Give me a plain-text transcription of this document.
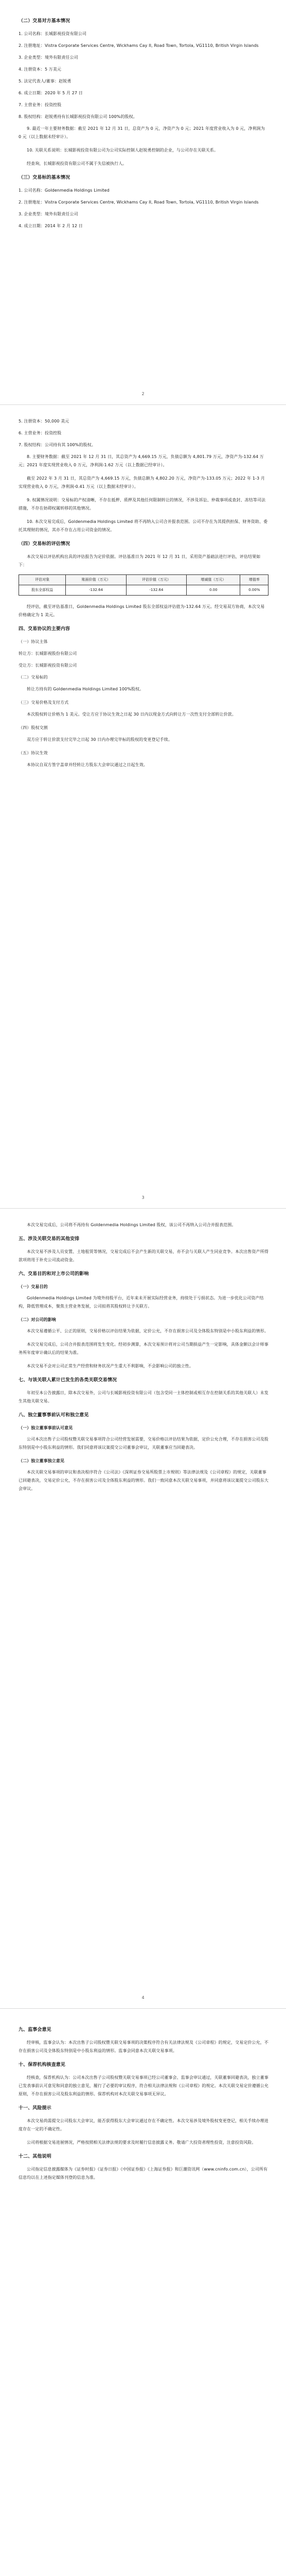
（二）交易对方基本情况

1. 公司名称：长城影视投资有限公司

2. 注册地址：Vistra Corporate Services Centre, Wickhams Cay II, Road Town, Tortola, VG1110, British Virgin Islands

3. 企业类型：境外有限责任公司

4. 注册资本：5 万美元

5. 法定代表人/董事：赵锐勇

6. 成立日期：2020 年 5 月 27 日

7. 主营业务：投资控股

8. 股权结构：赵锐勇持有长城影视投资有限公司 100%的股权。

9. 最近一年主要财务数据：截至 2021 年 12 月 31 日，总资产为 0 元，净资产为 0 元；2021 年度营业收入为 0 元，净利润为 0 元（以上数据未经审计）。

10. 关联关系说明：长城影视投资有限公司为公司实际控制人赵锐勇控制的企业，与公司存在关联关系。

经查询，长城影视投资有限公司不属于失信被执行人。

（三）交易标的基本情况

1. 公司名称：Goldenmedia Holdings Limited

2. 注册地址：Vistra Corporate Services Centre, Wickhams Cay II, Road Town, Tortola, VG1110, British Virgin Islands

3. 企业类型：境外有限责任公司

4. 成立日期：2014 年 2 月 12 日

2

5. 注册资本：50,000 美元

6. 主营业务：投资控股

7. 股权结构：公司持有其 100%的股权。

8. 主要财务数据：截至 2021 年 12 月 31 日，其总资产为 4,669.15 万元，负债总额为 4,801.79 万元，净资产为-132.64 万元；2021 年度实现营业收入 0 万元，净利润-1.62 万元（以上数据已经审计）。

截至 2022 年 3 月 31 日，其总资产为 4,669.15 万元，负债总额为 4,802.20 万元，净资产为-133.05 万元；2022 年 1-3 月实现营业收入 0 万元，净利润-0.41 万元（以上数据未经审计）。

9. 权属情况说明：交易标的产权清晰，不存在抵押、质押及其他任何限制转让的情况，不涉及诉讼、仲裁事项或查封、冻结等司法措施，不存在妨碍权属转移的其他情况。

10. 本次交易完成后，Goldenmedia Holdings Limited 将不再纳入公司合并报表范围。公司不存在为其提供担保、财务资助、委托其理财的情况，其亦不存在占用公司资金的情况。

（四）交易标的评估情况

本次交易以评估机构出具的评估报告为定价依据。评估基准日为 2021 年 12 月 31 日，采用资产基础法进行评估，评估结果如下：

评估对象	账面价值（万元）	评估价值（万元）	增减值（万元）	增值率
股东全部权益	-132.64	-132.64	0.00	0.00%

经评估，截至评估基准日，Goldenmedia Holdings Limited 股东全部权益评估值为-132.64 万元。经交易双方协商，本次交易价格确定为 1 美元。

四、交易协议的主要内容

（一）协议主体

转让方：长城影视股份有限公司

受让方：长城影视投资有限公司

（二）交易标的

转让方持有的 Goldenmedia Holdings Limited 100%股权。

（三）交易价格及支付方式

本次股权转让价格为 1 美元。受让方应于协议生效之日起 30 日内以现金方式向转让方一次性支付全部转让价款。

（四）股权交割

双方应于转让价款支付完毕之日起 30 日内办理完毕标的股权的变更登记手续。

（五）协议生效

本协议自双方签字盖章并经转让方股东大会审议通过之日起生效。

3

本次交易完成后，公司将不再持有 Goldenmedia Holdings Limited 股权，该公司不再纳入公司合并报表范围。

五、涉及关联交易的其他安排

本次交易不涉及人员安置、土地租赁等情况，交易完成后不会产生新的关联交易，亦不会与关联人产生同业竞争。本次出售资产所得款项将用于补充公司流动资金。

六、交易目的和对上市公司的影响

（一）交易目的

Goldenmedia Holdings Limited 为境外持股平台，近年来未开展实际经营业务，持续处于亏损状态。为进一步优化公司资产结构，降低管理成本，聚焦主营业务发展，公司拟将其股权转让予关联方。

（二）对公司的影响

本次交易遵循公平、公正的原则，交易价格以评估结果为依据，定价公允，不存在损害公司及全体股东特别是中小股东利益的情形。

本次交易完成后，公司合并报表范围将发生变化。经初步测算，本次交易预计将对公司当期损益产生一定影响，具体金额以会计师事务所年度审计确认后的结果为准。

本次交易不会对公司正常生产经营和财务状况产生重大不利影响，不会影响公司的独立性。

七、与该关联人累计已发生的各类关联交易情况

年初至本公告披露日，除本次交易外，公司与长城影视投资有限公司（包含受同一主体控制或相互存在控制关系的其他关联人）未发生其他关联交易。

八、独立董事事前认可和独立意见

（一）独立董事事前认可意见

公司本次出售子公司股权暨关联交易事项符合公司经营发展需要，交易价格以评估结果为依据，定价公允合理，不存在损害公司及股东特别是中小股东利益的情形。我们同意将该议案提交公司董事会审议，关联董事应当回避表决。

（二）独立董事独立意见

本次关联交易事项的审议和表决程序符合《公司法》《深圳证券交易所股票上市规则》等法律法规及《公司章程》的规定，关联董事已回避表决，交易定价公允，不存在损害公司及全体股东利益的情形。我们一致同意本次关联交易事项，并同意将该议案提交公司股东大会审议。

4

九、监事会意见

经审核，监事会认为：本次出售子公司股权暨关联交易事项的决策程序符合有关法律法规及《公司章程》的规定，交易定价公允，不存在损害公司及全体股东特别是中小股东利益的情形。监事会同意本次关联交易事项。

十、保荐机构核查意见

经核查，保荐机构认为：公司本次出售子公司股权暨关联交易事项已经公司董事会、监事会审议通过，关联董事回避表决，独立董事已发表事前认可意见和同意的独立意见，履行了必要的审议程序，符合相关法律法规和《公司章程》的规定。本次关联交易定价遵循公允原则，不存在损害公司及股东利益的情形。保荐机构对本次关联交易事项无异议。

十一、风险提示

本次交易尚需提交公司股东大会审议，能否获得股东大会审议通过存在不确定性。本次交易涉及境外股权变更登记，相关手续办理进度存在一定的不确定性。

公司将根据交易进展情况，严格按照相关法律法规的要求及时履行信息披露义务。敬请广大投资者理性投资，注意投资风险。

十二、其他说明

公司指定信息披露媒体为《证券时报》《证券日报》《中国证券报》《上海证券报》和巨潮资讯网（www.cninfo.com.cn），公司所有信息均以在上述指定媒体刊登的信息为准。
